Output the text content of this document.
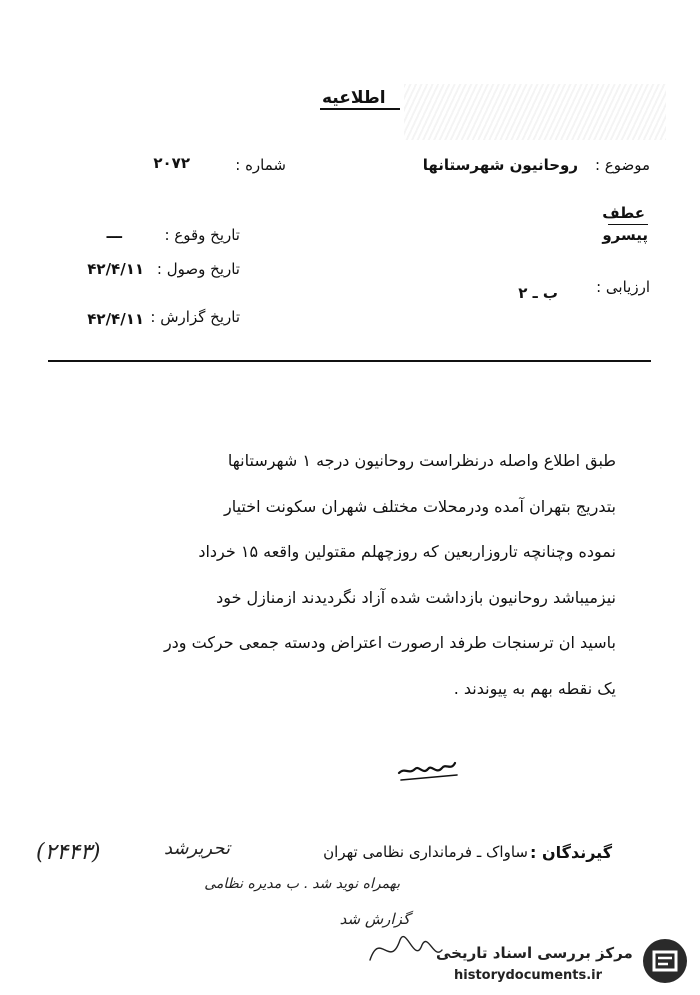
اطلاعیه
موضوع :
روحانیون شهرستانها
شماره :
۲۰۷۲
عطف
پیسرو
تاریخ وقوع :
ـــ
تاریخ وصول :
۴۲/۴/۱۱
تاریخ گزارش :
۴۲/۴/۱۱
ارزیابی :
ب ـ ۲
طبق اطلاع واصله درنظراست روحانیون درجه ۱ شهرستانها
بتدریج بتهران آمده ودرمحلات مختلف شهران سکونت اختیار
نموده وچنانچه تاروزاربعین که روزچهلم مقتولین واقعه ۱۵ خرداد
نیزمیباشد روحانیون بازداشت شده آزاد نگردیدند ازمنازل خود
باسید ان ترسنجات طرفد ارصورت اعتراض ودسته جمعی حرکت ودر
یک نقطه بهم به پیوندند .
گیرندگان :
ساواک ـ فرمانداری نظامی تهران
(۲۴۴۳)	تحریرشد
بهمراه نوید شد . ب مدیره نظامی
گزارش شد
مرکز بررسی اسناد تاریخی
historydocuments.ir
